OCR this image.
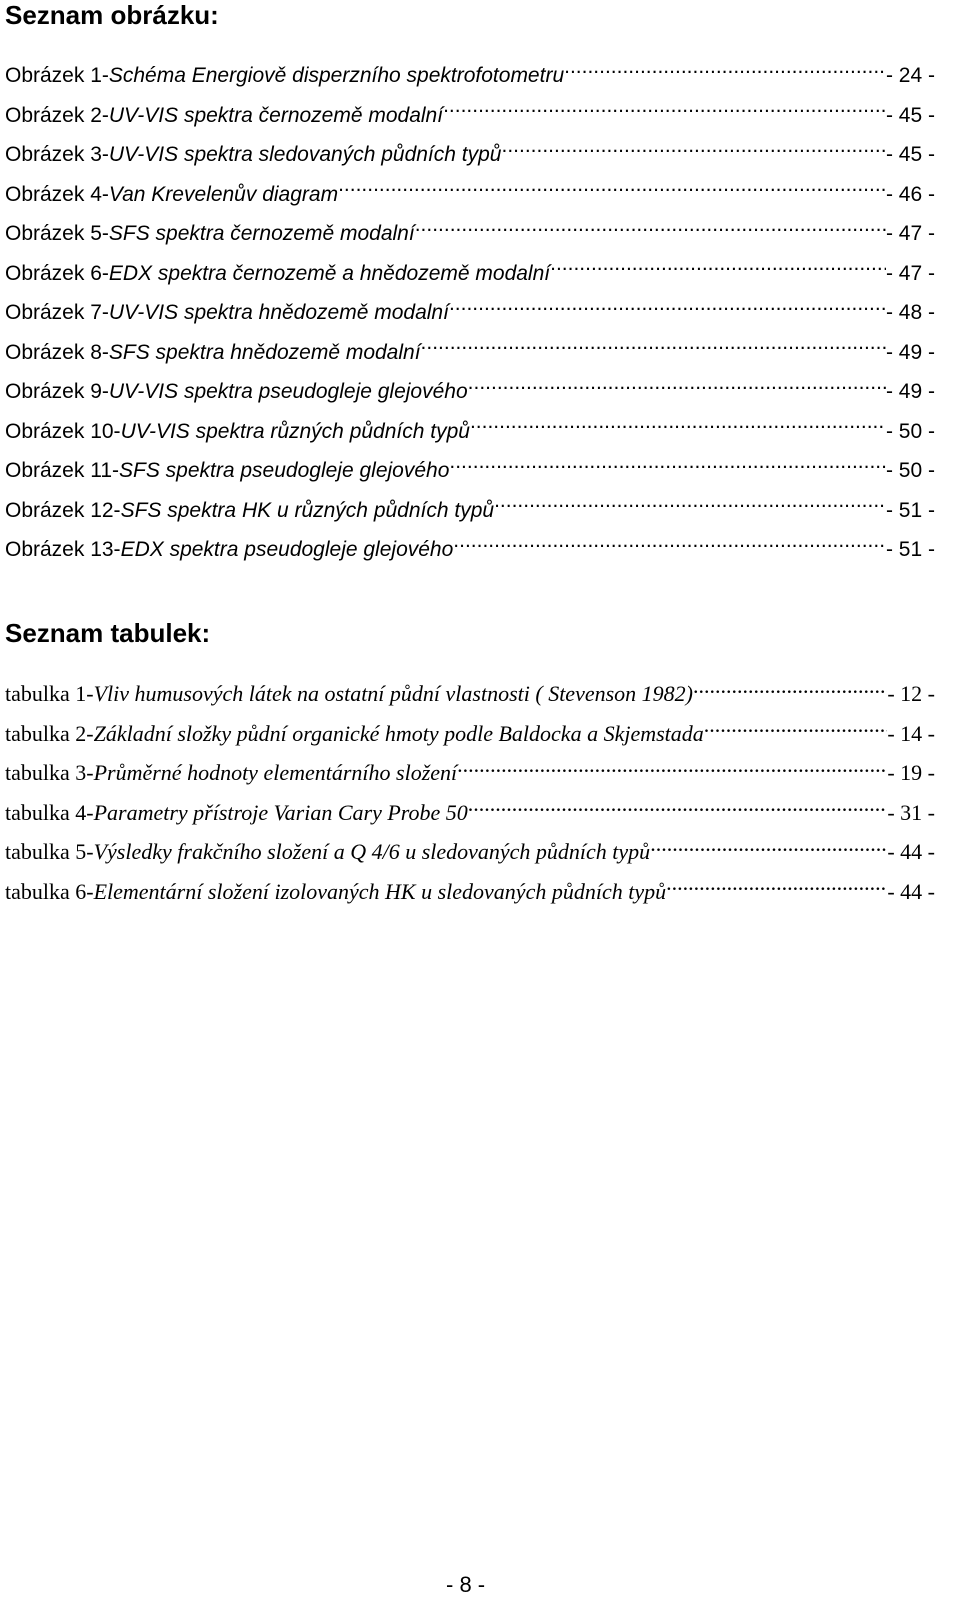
Seznam obrázku:
Obrázek 1- Schéma Energiově disperzního spektrofotometru .....	- 24 -
Obrázek 2- UV-VIS spektra černozemě modalní .....	- 45 -
Obrázek 3- UV-VIS spektra sledovaných půdních typů .....	- 45 -
Obrázek 4- Van Krevelenův diagram .....	- 46 -
Obrázek 5- SFS spektra černozemě modalní .....	- 47 -
Obrázek 6- EDX spektra černozemě a hnědozemě modalní .....	- 47 -
Obrázek 7- UV-VIS spektra hnědozemě modalní .....	- 48 -
Obrázek 8- SFS spektra hnědozemě modalní .....	- 49 -
Obrázek 9- UV-VIS spektra pseudogleje glejového .....	- 49 -
Obrázek 10- UV-VIS spektra různých půdních typů .....	- 50 -
Obrázek 11- SFS spektra pseudogleje glejového .....	- 50 -
Obrázek 12- SFS spektra HK u různých půdních typů .....	- 51 -
Obrázek 13- EDX spektra pseudogleje glejového .....	- 51 -
Seznam tabulek:
tabulka 1- Vliv humusových látek na ostatní půdní vlastnosti ( Stevenson 1982) .....	- 12 -
tabulka 2- Základní složky půdní organické hmoty podle Baldocka a Skjemstada .....	- 14 -
tabulka 3- Průměrné hodnoty elementárního složení .....	- 19 -
tabulka 4- Parametry přístroje Varian Cary Probe 50 .....	- 31 -
tabulka 5- Výsledky frakčního složení a Q 4/6 u sledovaných půdních typů .....	- 44 -
tabulka 6- Elementární složení izolovaných HK u sledovaných půdních typů .....	- 44 -
- 8 -
